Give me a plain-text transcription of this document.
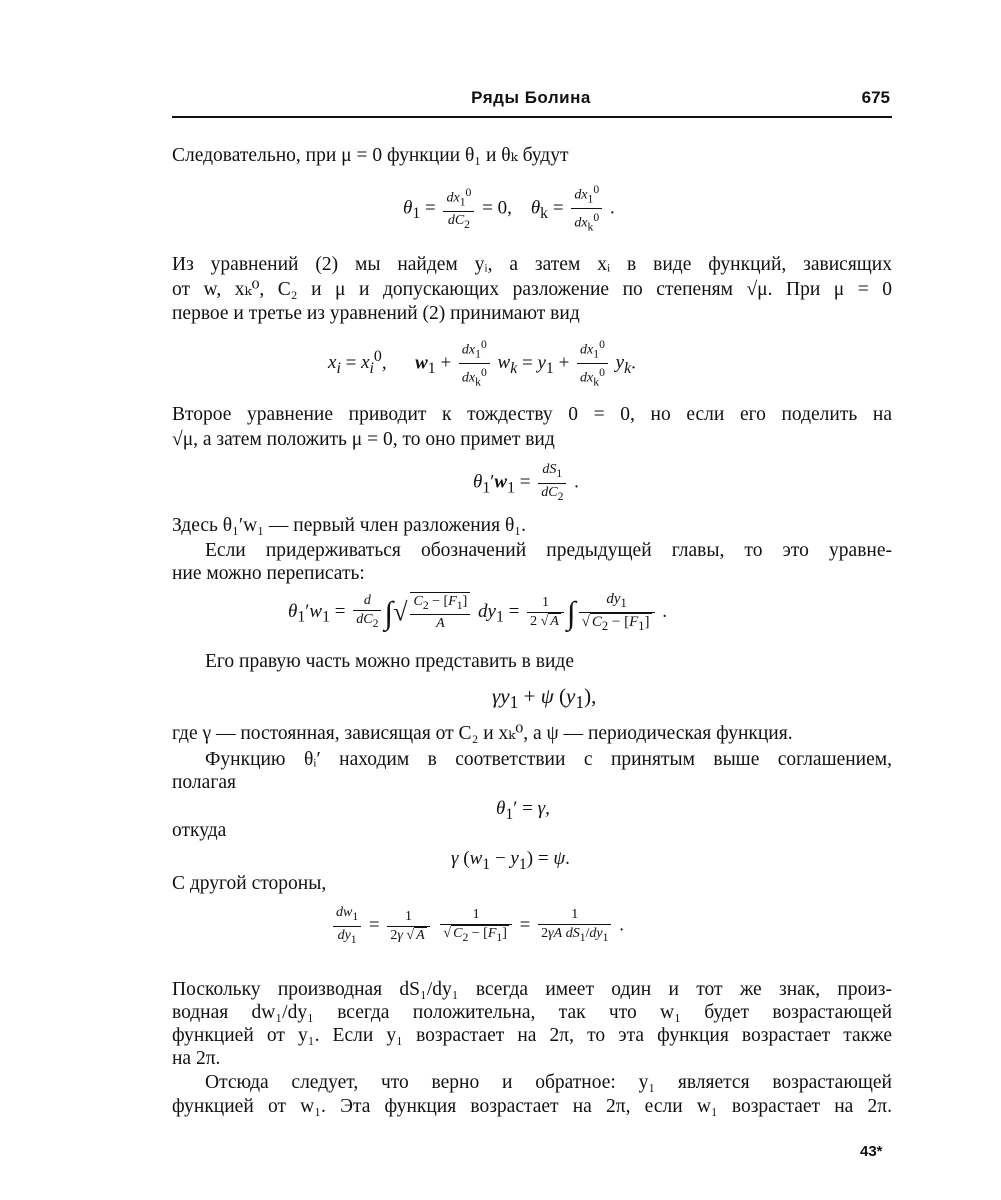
Ряды Болина	675
Следовательно, при μ = 0 функции θ₁ и θₖ будут
$\theta_1 = \frac{dx_1^0}{dC_2} = 0$,    $\theta_k$ =
$dx_1^0$
$dx_k^0$ .
Из уравнений (2) мы найдем yᵢ, а затем xᵢ в виде функций, зависящих
от w, xₖ⁰, C₂ и μ и допускающих разложение по степеням √μ. При μ = 0
первое и третье из уравнений (2) принимают вид
$x_i = x_i^0$,      $w_1$ +
$dx_1^0$
$dx_k^0$ $w_k = y_1$ +
$dx_1^0$
$dx_k^0$ $y_k$.
Второе уравнение приводит к тождеству 0 = 0, но если его поделить на
√μ, а затем положить μ = 0, то оно примет вид
$\theta_1'w_1 = \frac{dS_1}{dC_2}$ .
Здесь θ₁′w₁ — первый член разложения θ₁.
Если придерживаться обозначений предыдущей главы, то это уравне-
ние можно переписать:
$\theta_1'w_1 = \frac{d}{dC_2}$ ∫√ $\frac{C_2 - [F_1]}{A} dy_1 = \frac{1}{2 √ A}$ ∫ $\frac{dy_1}{√ C_2 - [F_1]}$ .
Его правую часть можно представить в виде
$\gamma y_1 + \psi$ $(y_1)$,
где γ — постоянная, зависящая от C₂ и xₖ⁰, а ψ — периодическая функция.
Функцию θᵢ′ находим в соответствии с принятым выше соглашением,
полагая
$\theta_1' = \gamma$,
откуда
γ $(w_1 - y_1) = \psi$.
С другой стороны,
$\frac{dw_1}{dy_1} = \frac{1}{2\gamma √ A}$
$\frac{1}{√ C_2 - [F_1]} = \frac{1}{2\gamma A dS_1/dy_1}$ .
Поскольку производная dS₁/dy₁ всегда имеет один и тот же знак, произ-
водная dw₁/dy₁ всегда положительна, так что w₁ будет возрастающей
функцией от y₁. Если y₁ возрастает на 2π, то эта функция возрастает также
на 2π.
Отсюда следует, что верно и обратное: y₁ является возрастающей
функцией от w₁. Эта функция возрастает на 2π, если w₁ возрастает на 2π.
43*
